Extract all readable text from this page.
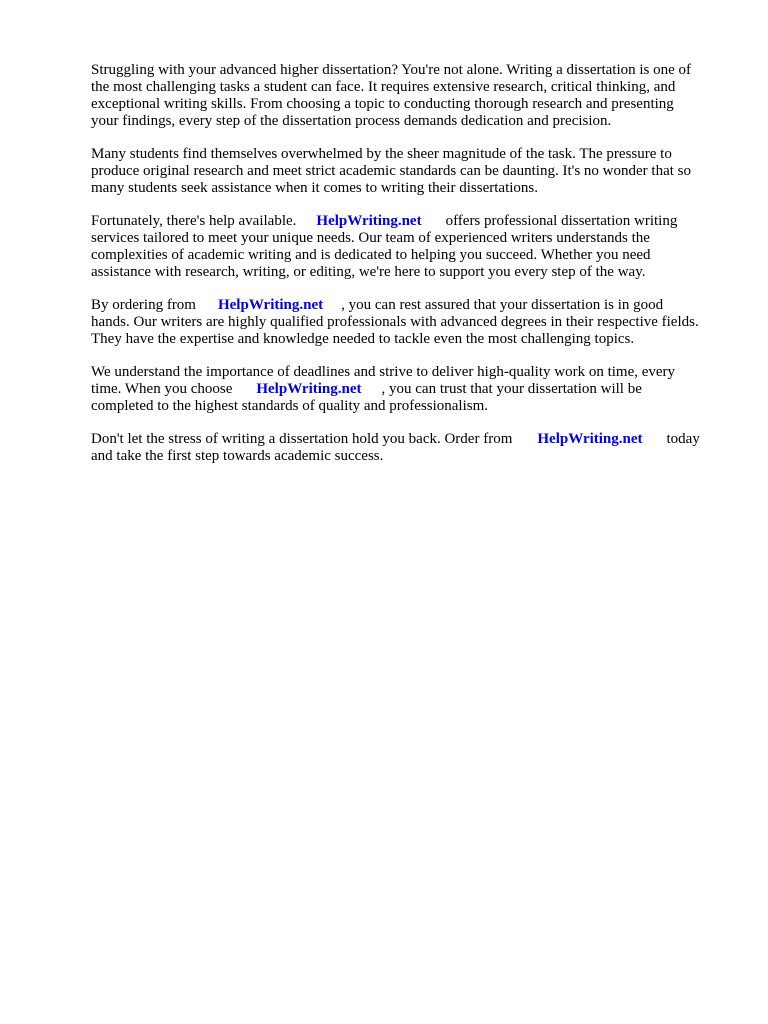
Struggling with your advanced higher dissertation? You're not alone. Writing a dissertation is one of
the most challenging tasks a student can face. It requires extensive research, critical thinking, and
exceptional writing skills. From choosing a topic to conducting thorough research and presenting
your findings, every step of the dissertation process demands dedication and precision.

Many students find themselves overwhelmed by the sheer magnitude of the task. The pressure to
produce original research and meet strict academic standards can be daunting. It's no wonder that so
many students seek assistance when it comes to writing their dissertations.

Fortunately, there's help available. HelpWriting.net offers professional dissertation writing
services tailored to meet your unique needs. Our team of experienced writers understands the
complexities of academic writing and is dedicated to helping you succeed. Whether you need
assistance with research, writing, or editing, we're here to support you every step of the way.

By ordering from HelpWriting.net , you can rest assured that your dissertation is in good
hands. Our writers are highly qualified professionals with advanced degrees in their respective fields.
They have the expertise and knowledge needed to tackle even the most challenging topics.

We understand the importance of deadlines and strive to deliver high-quality work on time, every
time. When you choose HelpWriting.net , you can trust that your dissertation will be
completed to the highest standards of quality and professionalism.

Don't let the stress of writing a dissertation hold you back. Order from HelpWriting.net today
and take the first step towards academic success.
